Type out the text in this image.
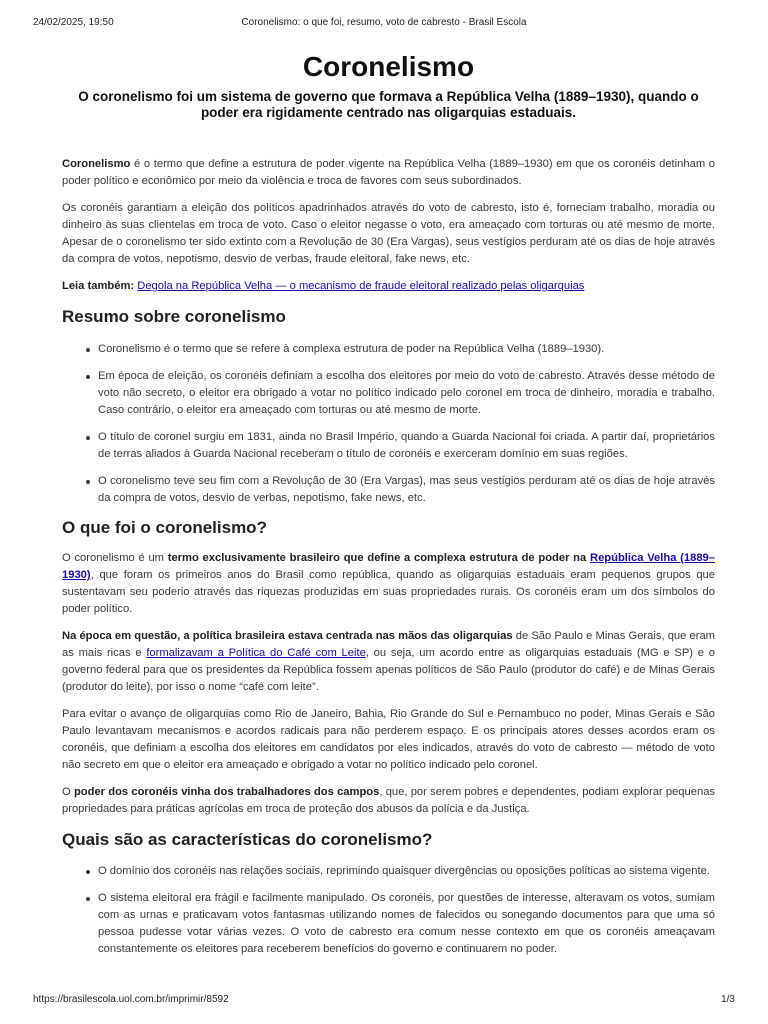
24/02/2025, 19:50	Coronelismo: o que foi, resumo, voto de cabresto - Brasil Escola
Coronelismo
O coronelismo foi um sistema de governo que formava a República Velha (1889–1930), quando o poder era rigidamente centrado nas oligarquias estaduais.

Coronelismo é o termo que define a estrutura de poder vigente na República Velha (1889–1930) em que os coronéis detinham o poder político e econômico por meio da violência e troca de favores com seus subordinados.

Os coronéis garantiam a eleição dos políticos apadrinhados através do voto de cabresto, isto é, forneciam trabalho, moradia ou dinheiro às suas clientelas em troca de voto. Caso o eleitor negasse o voto, era ameaçado com torturas ou até mesmo de morte. Apesar de o coronelismo ter sido extinto com a Revolução de 30 (Era Vargas), seus vestígios perduram até os dias de hoje através da compra de votos, nepotismo, desvio de verbas, fraude eleitoral, fake news, etc.

Leia também: Degola na República Velha — o mecanismo de fraude eleitoral realizado pelas oligarquias

Resumo sobre coronelismo
Coronelismo é o termo que se refere à complexa estrutura de poder na República Velha (1889–1930).
Em época de eleição, os coronéis definiam a escolha dos eleitores por meio do voto de cabresto. Através desse método de voto não secreto, o eleitor era obrigado a votar no político indicado pelo coronel em troca de dinheiro, moradia e trabalho. Caso contrário, o eleitor era ameaçado com torturas ou até mesmo de morte.
O título de coronel surgiu em 1831, ainda no Brasil Império, quando a Guarda Nacional foi criada. A partir daí, proprietários de terras aliados à Guarda Nacional receberam o título de coronéis e exerceram domínio em suas regiões.
O coronelismo teve seu fim com a Revolução de 30 (Era Vargas), mas seus vestígios perduram até os dias de hoje através da compra de votos, desvio de verbas, nepotismo, fake news, etc.
O que foi o coronelismo?

O coronelismo é um termo exclusivamente brasileiro que define a complexa estrutura de poder na República Velha (1889–1930), que foram os primeiros anos do Brasil como república, quando as oligarquias estaduais eram pequenos grupos que sustentavam seu poderio através das riquezas produzidas em suas propriedades rurais. Os coronéis eram um dos símbolos do poder político.

Na época em questão, a política brasileira estava centrada nas mãos das oligarquias de São Paulo e Minas Gerais, que eram as mais ricas e formalizavam a Política do Café com Leite, ou seja, um acordo entre as oligarquias estaduais (MG e SP) e o governo federal para que os presidentes da República fossem apenas políticos de São Paulo (produtor do café) e de Minas Gerais (produtor do leite), por isso o nome “café com leite”.

Para evitar o avanço de oligarquias como Rio de Janeiro, Bahia, Rio Grande do Sul e Pernambuco no poder, Minas Gerais e São Paulo levantavam mecanismos e acordos radicais para não perderem espaço. E os principais atores desses acordos eram os coronéis, que definiam a escolha dos eleitores em candidatos por eles indicados, através do voto de cabresto — método de voto não secreto em que o eleitor era ameaçado e obrigado a votar no político indicado pelo coronel.

O poder dos coronéis vinha dos trabalhadores dos campos, que, por serem pobres e dependentes, podiam explorar pequenas propriedades para práticas agrícolas em troca de proteção dos abusos da polícia e da Justiça.

Quais são as características do coronelismo?
O domínio dos coronéis nas relações sociais, reprimindo quaisquer divergências ou oposições políticas ao sistema vigente.
O sistema eleitoral era frágil e facilmente manipulado. Os coronéis, por questões de interesse, alteravam os votos, sumiam com as urnas e praticavam votos fantasmas utilizando nomes de falecidos ou sonegando documentos para que uma só pessoa pudesse votar várias vezes. O voto de cabresto era comum nesse contexto em que os coronéis ameaçavam constantemente os eleitores para receberem benefícios do governo e continuarem no poder.
https://brasilescola.uol.com.br/imprimir/8592	1/3
